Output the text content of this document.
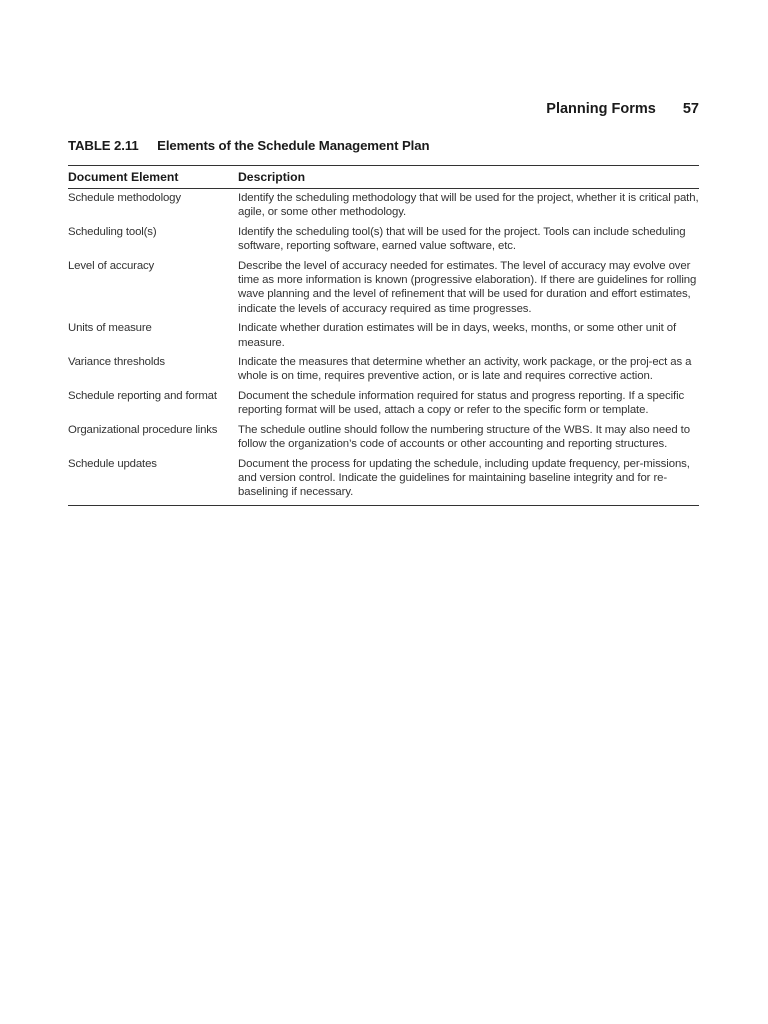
Planning Forms 57
TABLE 2.11 Elements of the Schedule Management Plan
Document Element	Description
Schedule methodology	Identify the scheduling methodology that will be used for the project, whether it is critical path, agile, or some other methodology.
Scheduling tool(s)	Identify the scheduling tool(s) that will be used for the project. Tools can include scheduling software, reporting software, earned value software, etc.
Level of accuracy	Describe the level of accuracy needed for estimates. The level of accuracy may evolve over time as more information is known (progressive elaboration). If there are guidelines for rolling wave planning and the level of refinement that will be used for duration and effort estimates, indicate the levels of accuracy required as time progresses.
Units of measure	Indicate whether duration estimates will be in days, weeks, months, or some other unit of measure.
Variance thresholds	Indicate the measures that determine whether an activity, work package, or the proj-ect as a whole is on time, requires preventive action, or is late and requires corrective action.
Schedule reporting and format	Document the schedule information required for status and progress reporting. If a specific reporting format will be used, attach a copy or refer to the specific form or template.
Organizational procedure links	The schedule outline should follow the numbering structure of the WBS. It may also need to follow the organization’s code of accounts or other accounting and reporting structures.
Schedule updates	Document the process for updating the schedule, including update frequency, per-missions, and version control. Indicate the guidelines for maintaining baseline integrity and for re-baselining if necessary.
